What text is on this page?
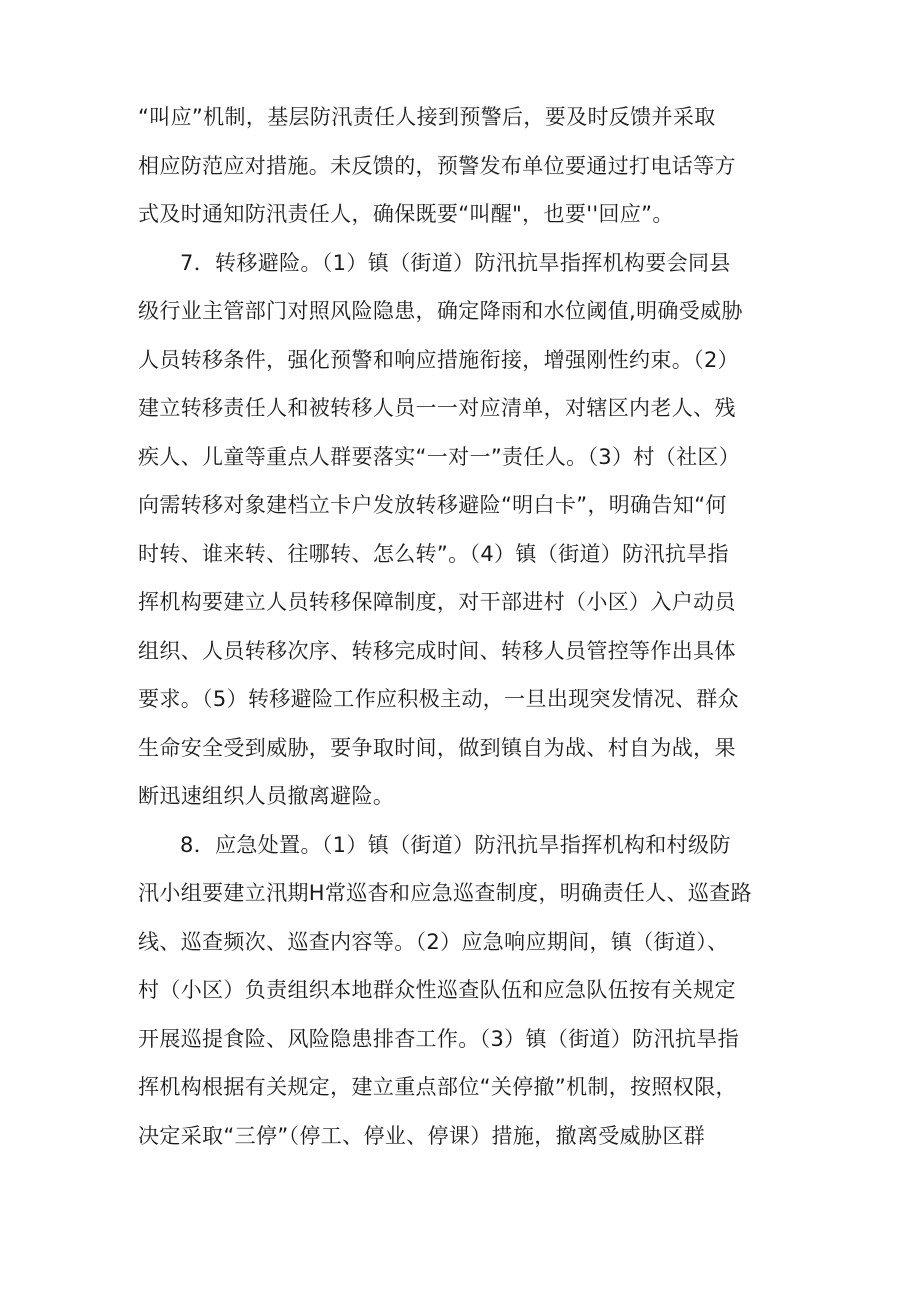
“叫应”机制，基层防汛责任人接到预警后，要及时反馈并采取
相应防范应对措施。未反馈的，预警发布单位要通过打电话等方
式及时通知防汛责任人，确保既要“叫醒"，也要''回应”。
7．转移避险。（1）镇（街道）防汛抗旱指挥机构要会同县
级行业主管部门对照风险隐患，确定降雨和水位阈值,明确受威胁
人员转移条件，强化预警和响应措施衔接，增强刚性约束。（2）
建立转移责任人和被转移人员一一对应清单，对辖区内老人、残
疾人、儿童等重点人群要落实“一对一”责任人。（3）村（社区）
向需转移对象建档立卡户发放转移避险“明白卡”，明确告知“何
时转、谁来转、往哪转、怎么转”。（4）镇（街道）防汛抗旱指
挥机构要建立人员转移保障制度，对干部进村（小区）入户动员
组织、人员转移次序、转移完成时间、转移人员管控等作出具体
要求。（5）转移避险工作应积极主动，一旦出现突发情况、群众
生命安全受到威胁，要争取时间，做到镇自为战、村自为战，果
断迅速组织人员撤离避险。
8．应急处置。（1）镇（街道）防汛抗旱指挥机构和村级防
汛小组要建立汛期H常巡杳和应急巡查制度，明确责任人、巡查路
线、巡查频次、巡查内容等。（2）应急响应期间，镇（街道）、
村（小区）负责组织本地群众性巡查队伍和应急队伍按有关规定
开展巡提食险、风险隐患排杳工作。（3）镇（街道）防汛抗旱指
挥机构根据有关规定，建立重点部位“关停撤”机制，按照权限，
决定采取“三停”（停工、停业、停课）措施，撤离受威胁区群
